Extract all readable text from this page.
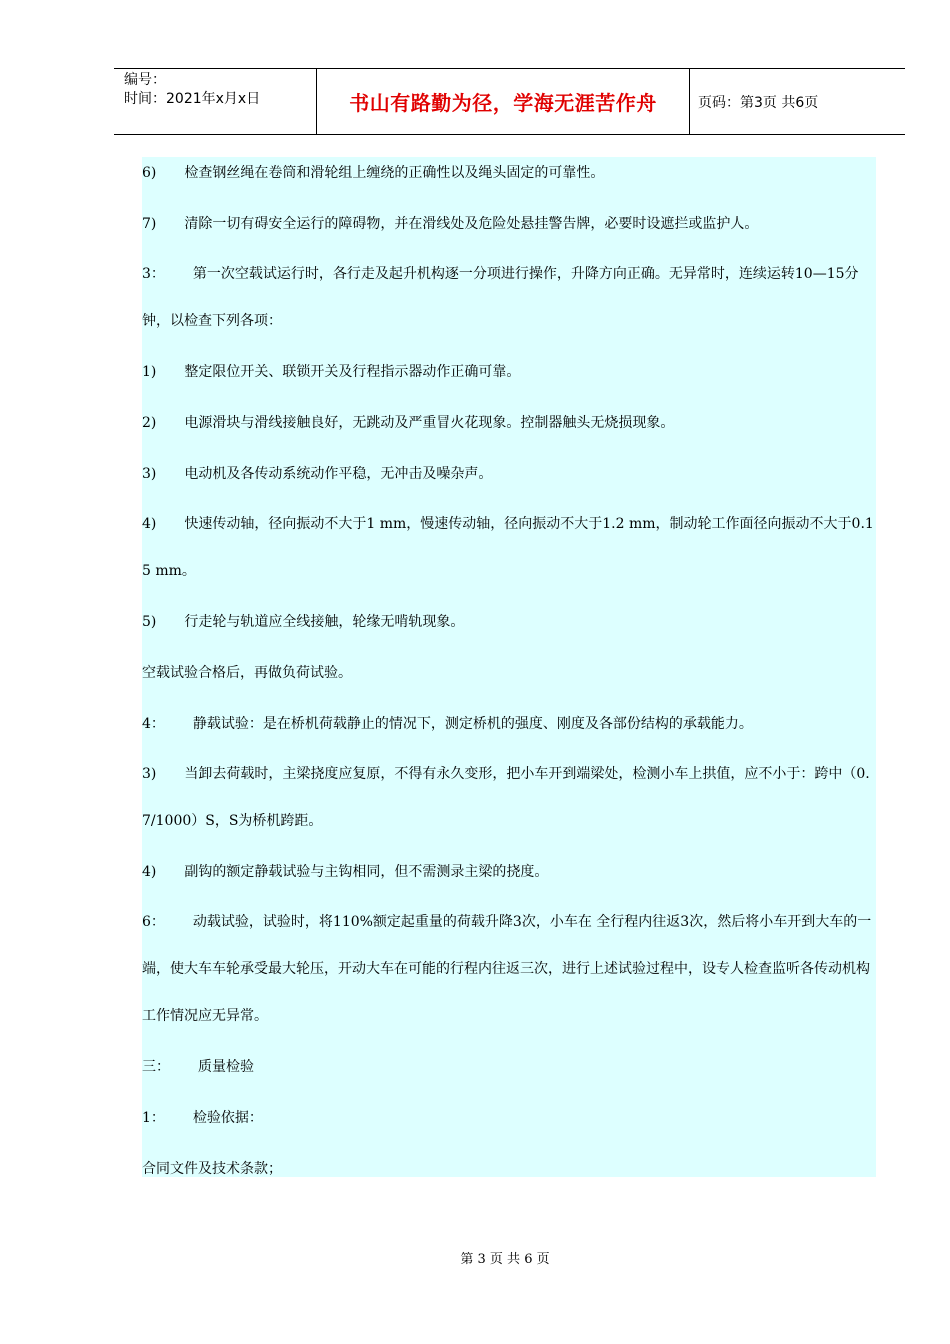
编号：
时间：2021年x月x日	书山有路勤为径，学海无涯苦作舟	页码：第3页 共6页

6)  检查钢丝绳在卷筒和滑轮组上缠绕的正确性以及绳头固定的可靠性。

7)  清除一切有碍安全运行的障碍物，并在滑线处及危险处悬挂警告牌，必要时设遮拦或监护人。

3：  第一次空载试运行时，各行走及起升机构逐一分项进行操作，升降方向正确。无异常时，连续运转10—15分钟，以检查下列各项：

1)  整定限位开关、联锁开关及行程指示器动作正确可靠。

2)  电源滑块与滑线接触良好，无跳动及严重冒火花现象。控制器触头无烧损现象。

3)  电动机及各传动系统动作平稳，无冲击及噪杂声。

4)  快速传动轴，径向振动不大于1 mm，慢速传动轴，径向振动不大于1.2 mm，制动轮工作面径向振动不大于0.15 mm。

5)  行走轮与轨道应全线接触，轮缘无啃轨现象。

空载试验合格后，再做负荷试验。

4：  静载试验：是在桥机荷载静止的情况下，测定桥机的强度、刚度及各部份结构的承载能力。

3)  当卸去荷载时，主梁挠度应复原，不得有永久变形，把小车开到端梁处，检测小车上拱值，应不小于：跨中（0.7/1000）S，S为桥机跨距。

4)  副钩的额定静载试验与主钩相同，但不需测录主梁的挠度。

6：  动载试验，试验时，将110%额定起重量的荷载升降3次，小车在 全行程内往返3次，然后将小车开到大车的一端，使大车车轮承受最大轮压，开动大车在可能的行程内往返三次，进行上述试验过程中，设专人检查监听各传动机构工作情况应无异常。

三：  质量检验

1：  检验依据：

合同文件及技术条款；

第 3 页 共 6 页
